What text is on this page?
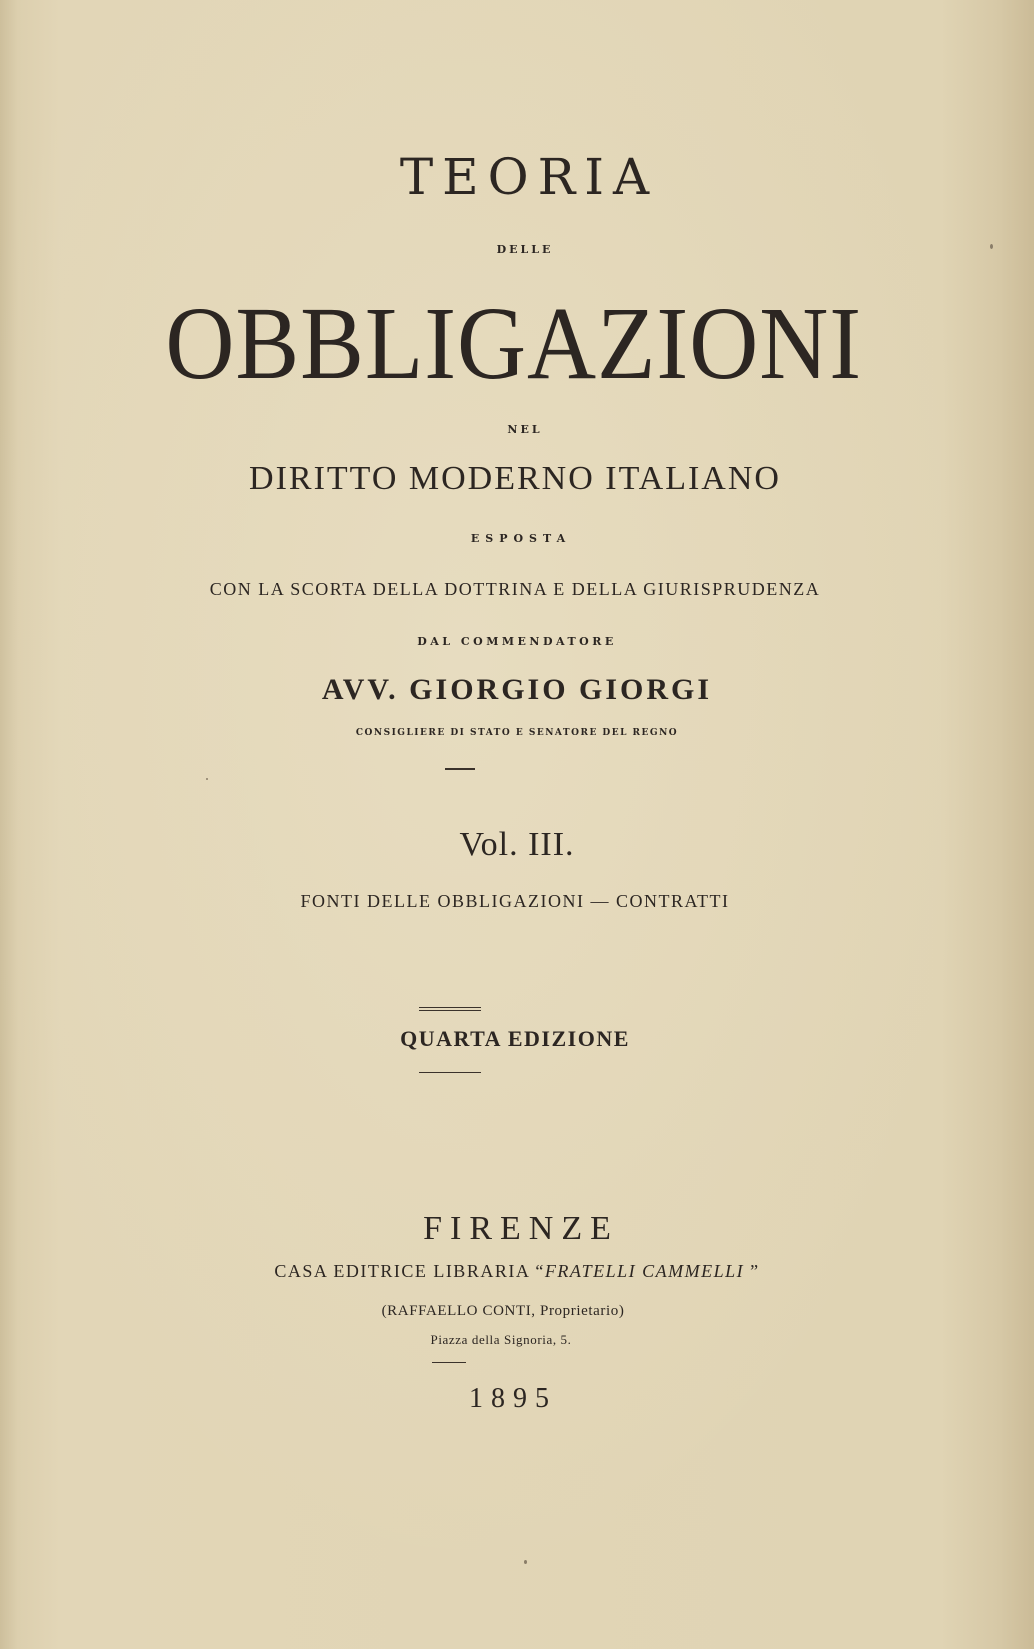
TEORIA
DELLE
OBBLIGAZIONI
NEL
DIRITTO MODERNO ITALIANO
ESPOSTA
CON LA SCORTA DELLA DOTTRINA E DELLA GIURISPRUDENZA
DAL COMMENDATORE
AVV. GIORGIO GIORGI
CONSIGLIERE DI STATO E SENATORE DEL REGNO
Vol. III.
FONTI DELLE OBBLIGAZIONI — CONTRATTI
QUARTA EDIZIONE
FIRENZE
CASA EDITRICE LIBRARIA “FRATELLI CAMMELLI ”
(RAFFAELLO CONTI, Proprietario)
Piazza della Signoria, 5.
1895
